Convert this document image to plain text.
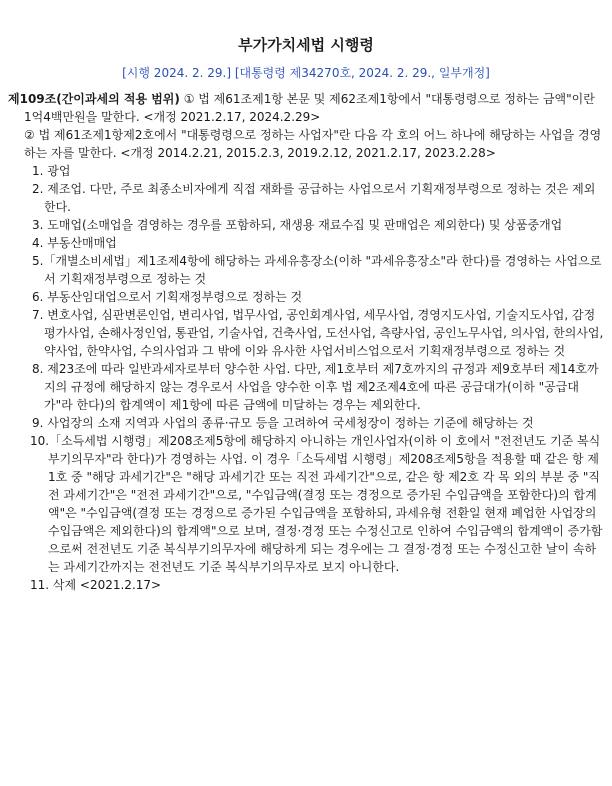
부가가치세법 시행령
[시행 2024. 2. 29.] [대통령령 제34270호, 2024. 2. 29., 일부개정]

제109조(간이과세의 적용 범위) ① 법 제61조제1항 본문 및 제62조제1항에서 "대통령령으로 정하는 금액"이란 1억4백만원을 말한다. <개정 2021.2.17, 2024.2.29>

② 법 제61조제1항제2호에서 "대통령령으로 정하는 사업자"란 다음 각 호의 어느 하나에 해당하는 사업을 경영하는 자를 말한다. <개정 2014.2.21, 2015.2.3, 2019.2.12, 2021.2.17, 2023.2.28>

1. 광업
2. 제조업. 다만, 주로 최종소비자에게 직접 재화를 공급하는 사업으로서 기획재정부령으로 정하는 것은 제외한다.
3. 도매업(소매업을 겸영하는 경우를 포함하되, 재생용 재료수집 및 판매업은 제외한다) 및 상품중개업
4. 부동산매매업
5.「개별소비세법」제1조제4항에 해당하는 과세유흥장소(이하 "과세유흥장소"라 한다)를 경영하는 사업으로서 기획재정부령으로 정하는 것
6. 부동산임대업으로서 기획재정부령으로 정하는 것
7. 변호사업, 심판변론인업, 변리사업, 법무사업, 공인회계사업, 세무사업, 경영지도사업, 기술지도사업, 감정평가사업, 손해사정인업, 통관업, 기술사업, 건축사업, 도선사업, 측량사업, 공인노무사업, 의사업, 한의사업, 약사업, 한약사업, 수의사업과 그 밖에 이와 유사한 사업서비스업으로서 기획재정부령으로 정하는 것
8. 제23조에 따라 일반과세자로부터 양수한 사업. 다만, 제1호부터 제7호까지의 규정과 제9호부터 제14호까지의 규정에 해당하지 않는 경우로서 사업을 양수한 이후 법 제2조제4호에 따른 공급대가(이하 "공급대가"라 한다)의 합계액이 제1항에 따른 금액에 미달하는 경우는 제외한다.
9. 사업장의 소재 지역과 사업의 종류·규모 등을 고려하여 국세청장이 정하는 기준에 해당하는 것
10.「소득세법 시행령」제208조제5항에 해당하지 아니하는 개인사업자(이하 이 호에서 "전전년도 기준 복식부기의무자"라 한다)가 경영하는 사업. 이 경우「소득세법 시행령」제208조제5항을 적용할 때 같은 항 제1호 중 "해당 과세기간"은 "해당 과세기간 또는 직전 과세기간"으로, 같은 항 제2호 각 목 외의 부분 중 "직전 과세기간"은 "전전 과세기간"으로, "수입금액(결정 또는 경정으로 증가된 수입금액을 포함한다)의 합계액"은 "수입금액(결정 또는 경정으로 증가된 수입금액을 포함하되, 과세유형 전환일 현재 폐업한 사업장의 수입금액은 제외한다)의 합계액"으로 보며, 결정·경정 또는 수정신고로 인하여 수입금액의 합계액이 증가함으로써 전전년도 기준 복식부기의무자에 해당하게 되는 경우에는 그 결정·경정 또는 수정신고한 날이 속하는 과세기간까지는 전전년도 기준 복식부기의무자로 보지 아니한다.
11. 삭제 <2021.2.17>
